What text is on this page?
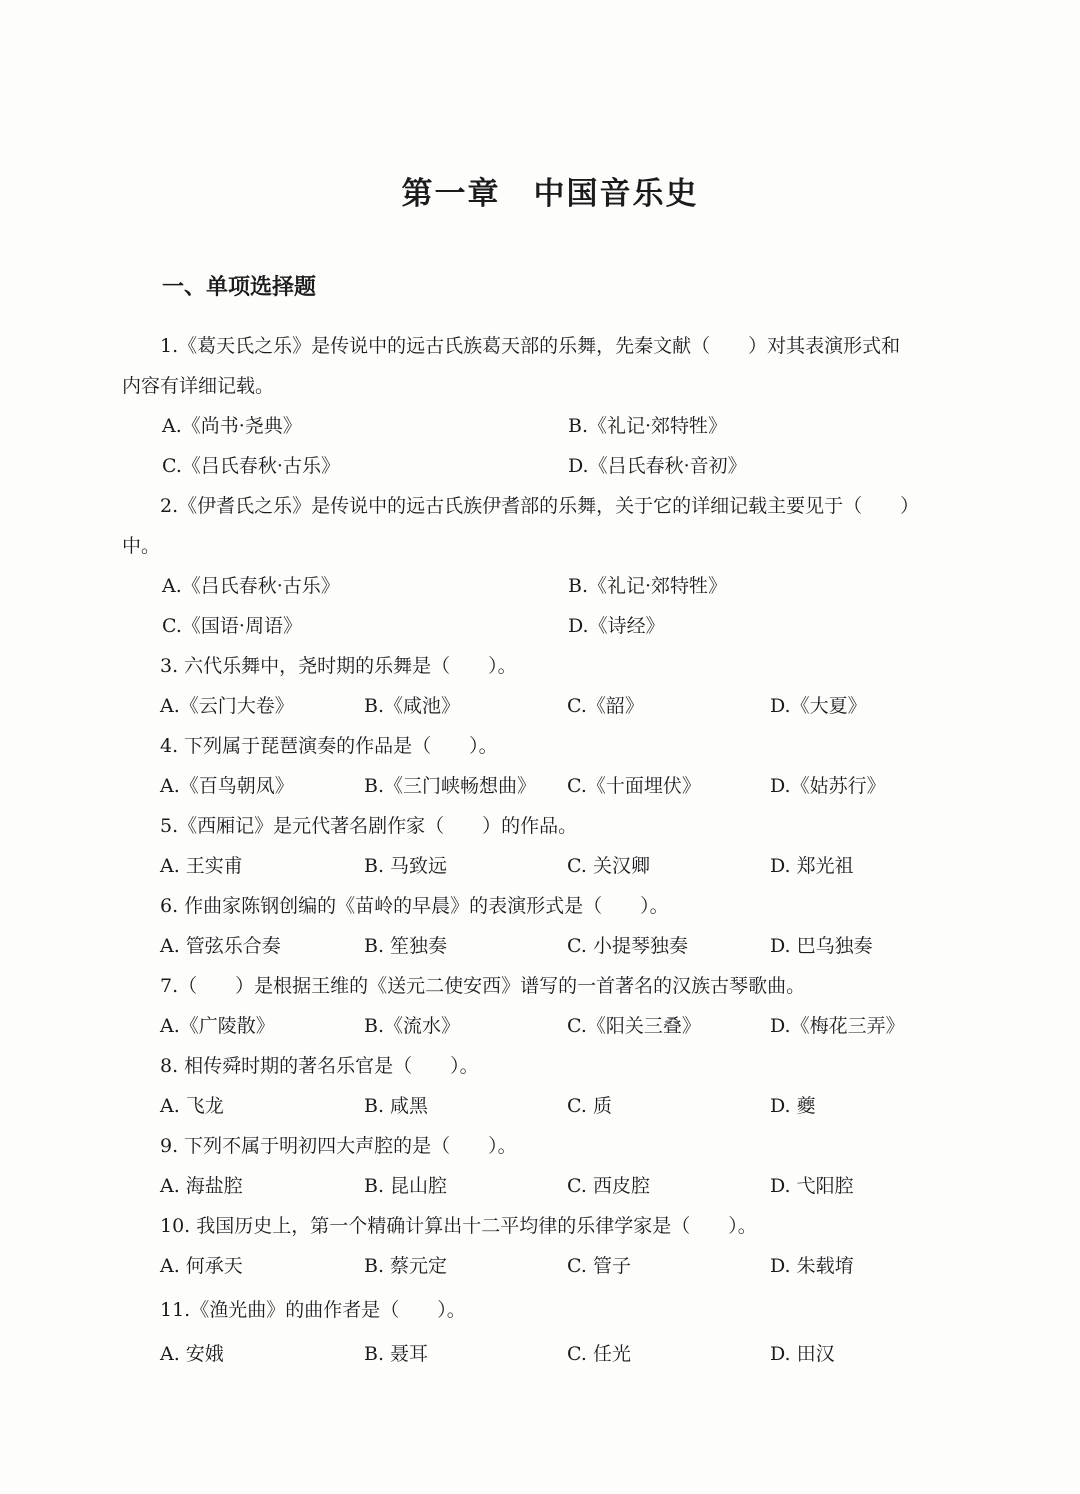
第一章　中国音乐史
一、单项选择题

1.《葛天氏之乐》是传说中的远古氏族葛天部的乐舞，先秦文献（　　）对其表演形式和
内容有详细记载。

A.《尚书·尧典》	B.《礼记·郊特牲》
C.《吕氏春秋·古乐》	D.《吕氏春秋·音初》

2.《伊耆氏之乐》是传说中的远古氏族伊耆部的乐舞，关于它的详细记载主要见于（　　）
中。

A.《吕氏春秋·古乐》	B.《礼记·郊特牲》
C.《国语·周语》	D.《诗经》

3. 六代乐舞中，尧时期的乐舞是（　　）。

A.《云门大卷》	B.《咸池》	C.《韶》	D.《大夏》

4. 下列属于琵琶演奏的作品是（　　）。

A.《百鸟朝凤》	B.《三门峡畅想曲》 C.《十面埋伏》	D.《姑苏行》

5.《西厢记》是元代著名剧作家（　　）的作品。

A. 王实甫	B. 马致远	C. 关汉卿	D. 郑光祖

6. 作曲家陈钢创编的《苗岭的早晨》的表演形式是（　　）。

A. 管弦乐合奏	B. 笙独奏	C. 小提琴独奏	D. 巴乌独奏

7.（　　）是根据王维的《送元二使安西》谱写的一首著名的汉族古琴歌曲。

A.《广陵散》	B.《流水》	C.《阳关三叠》	D.《梅花三弄》

8. 相传舜时期的著名乐官是（　　）。

A. 飞龙	B. 咸黑	C. 质	D. 夔

9. 下列不属于明初四大声腔的是（　　）。

A. 海盐腔	B. 昆山腔	C. 西皮腔	D. 弋阳腔

10. 我国历史上，第一个精确计算出十二平均律的乐律学家是（　　）。

A. 何承天	B. 蔡元定	C. 管子	D. 朱载堉

11.《渔光曲》的曲作者是（　　）。

A. 安娥	B. 聂耳	C. 任光	D. 田汉
